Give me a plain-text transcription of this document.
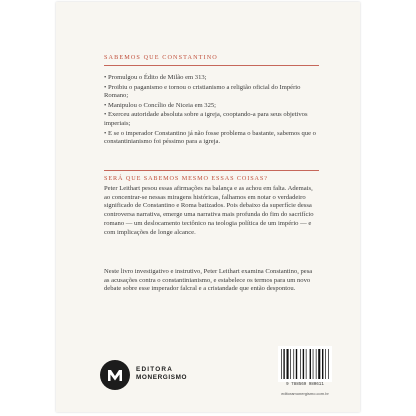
SABEMOS QUE CONSTANTINO
• Promulgou o Édito de Milão em 313;
• Proibiu o paganismo e tornou o cristianismo a religião oficial do Império Romano;
• Manipulou o Concílio de Niceia em 325;
• Exerceu autoridade absoluta sobre a igreja, cooptando-a para seus objetivos imperiais;
• E se o imperador Constantino já não fosse problema o bastante, sabemos que o constantinianismo foi péssimo para a igreja.
SERÁ QUE SABEMOS MESMO ESSAS COISAS?

Peter Leithart pesou essas afirmações na balança e as achou em falta. Ademais, ao concentrar-se nessas miragens históricas, falhamos em notar o verdadeiro significado de Constantino e Roma batizados. Pois debaixo da superfície dessa controversa narrativa, emerge uma narrativa mais profunda do fim do sacrifício romano — um deslocamento tectônico na teologia política de um império — e com implicações de longe alcance.

Neste livro investigativo e instrutivo, Peter Leithart examina Constantino, pesa as acusações contra o constantinianismo, e estabelece os termos para um novo debate sobre esse imperador falcral e a cristandade que então despontou.

EDITORA
MONERGISMO
9 788569 980611
editoramonergismo.com.br
